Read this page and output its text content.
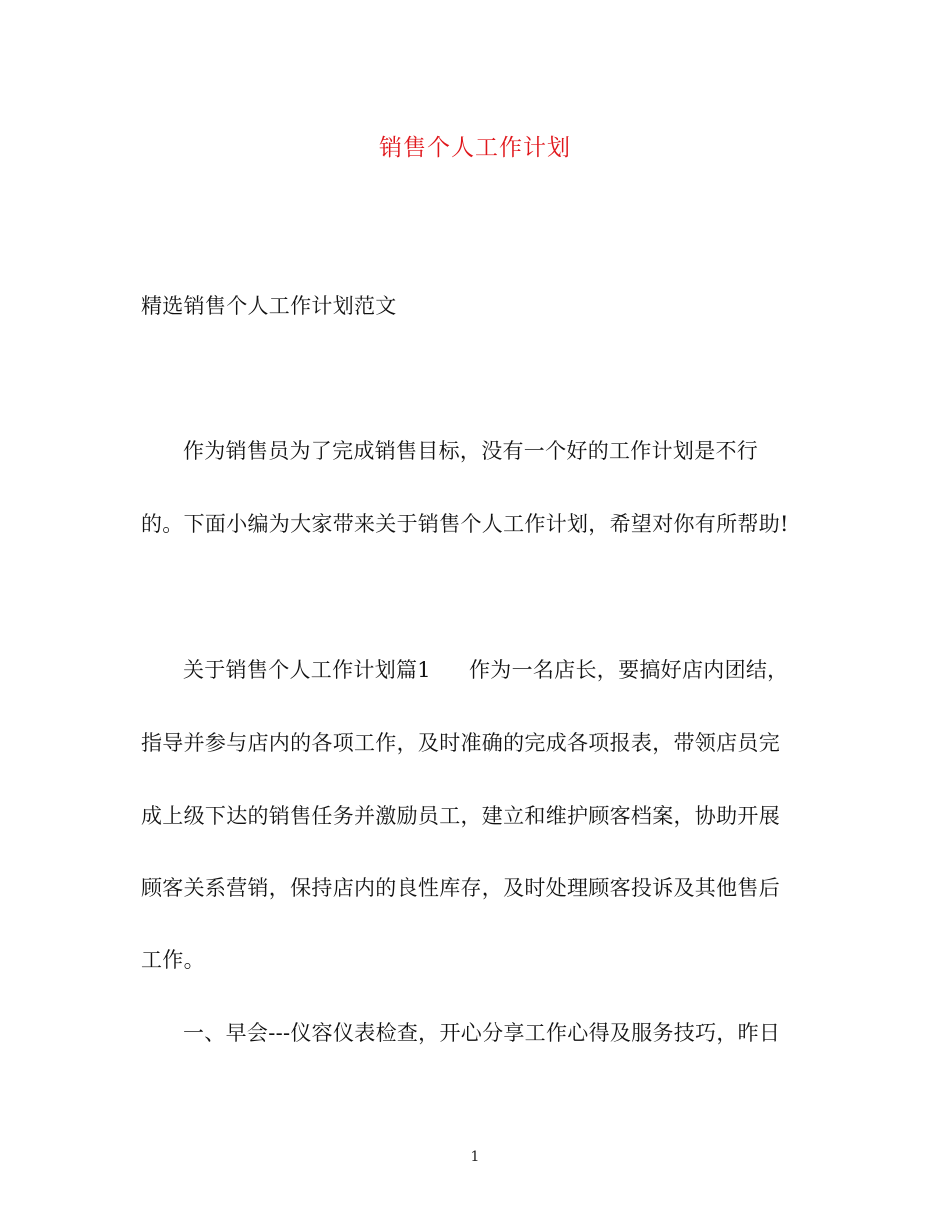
销售个人工作计划
精选销售个人工作计划范文
作为销售员为了完成销售目标，没有一个好的工作计划是不行
的。下面小编为大家带来关于销售个人工作计划，希望对你有所帮助!
关于销售个人工作计划篇1 作为一名店长，要搞好店内团结，
指导并参与店内的各项工作，及时准确的完成各项报表，带领店员完
成上级下达的销售任务并激励员工，建立和维护顾客档案，协助开展
顾客关系营销，保持店内的良性库存，及时处理顾客投诉及其他售后
工作。
一、早会---仪容仪表检查，开心分享工作心得及服务技巧，昨日
1
